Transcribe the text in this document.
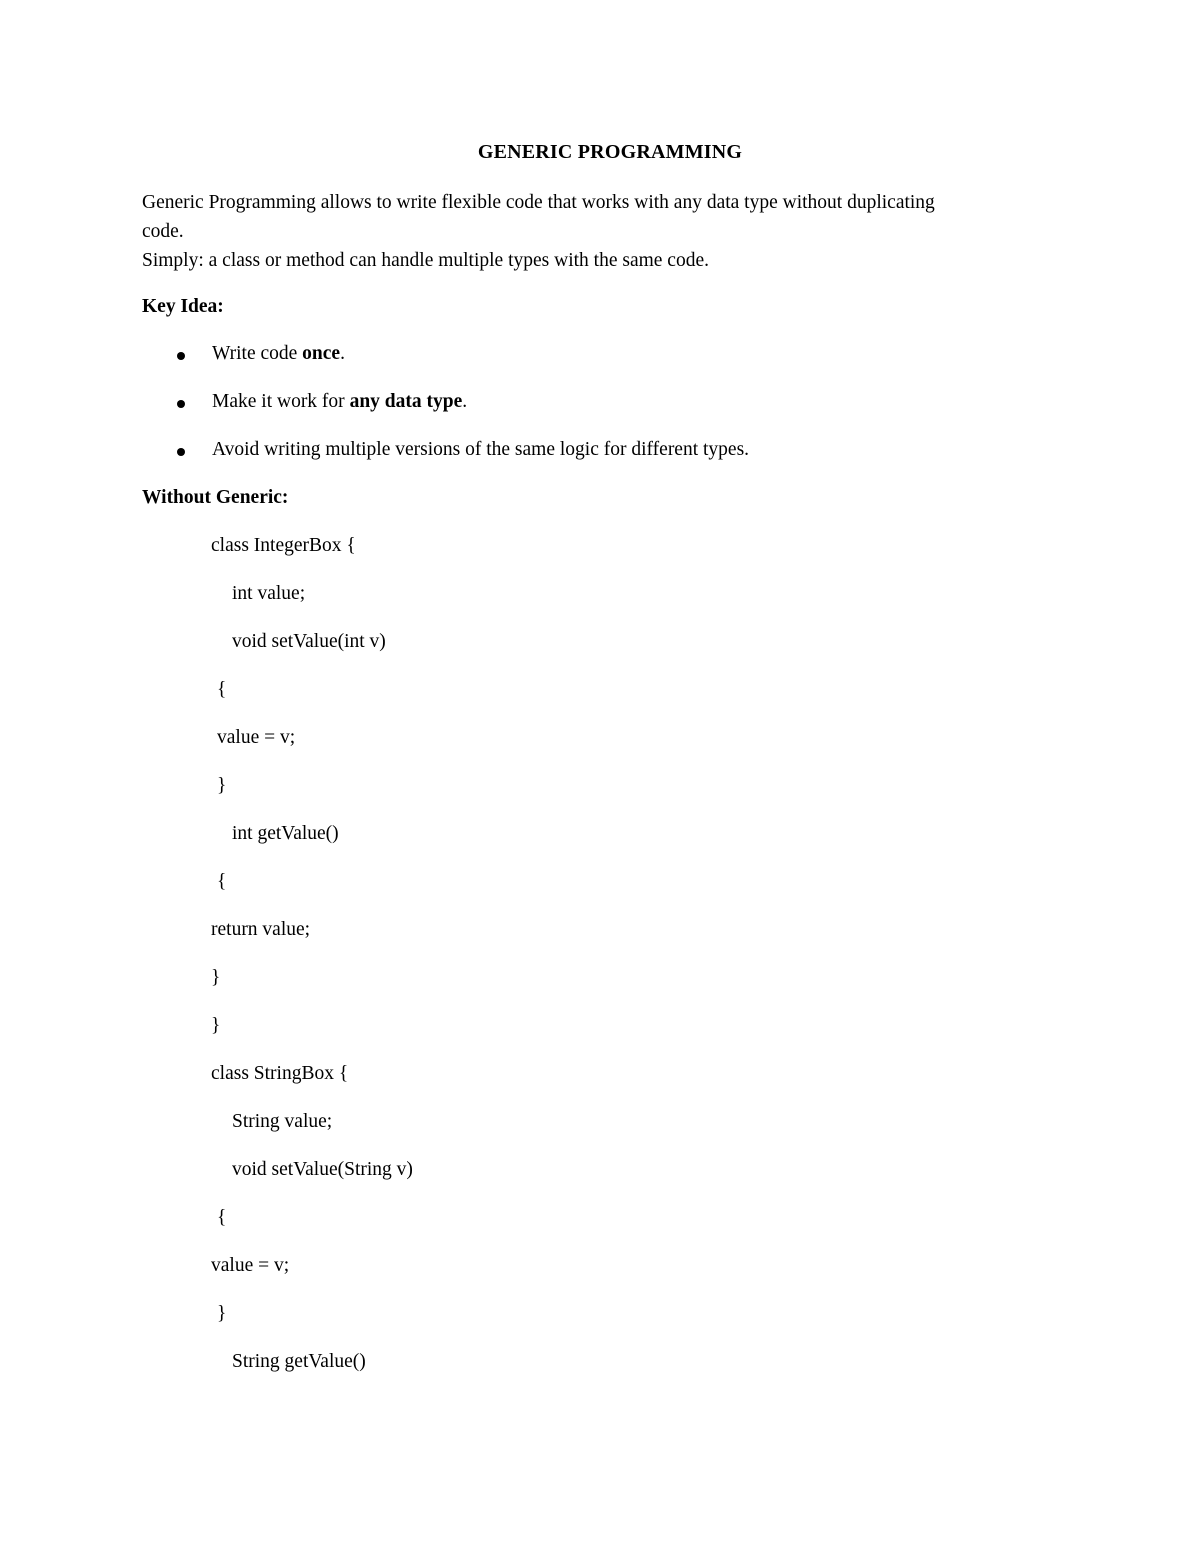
GENERIC PROGRAMMING
Generic Programming allows to write flexible code that works with any data type without duplicating
code.
Simply: a class or method can handle multiple types with the same code.
Key Idea:
Write code once.
Make it work for any data type.
Avoid writing multiple versions of the same logic for different types.
Without Generic:
class IntegerBox {
int value;
void setValue(int v)
{
value = v;
}
int getValue()
{
return value;
}
}
class StringBox {
String value;
void setValue(String v)
{
value = v;
}
String getValue()
